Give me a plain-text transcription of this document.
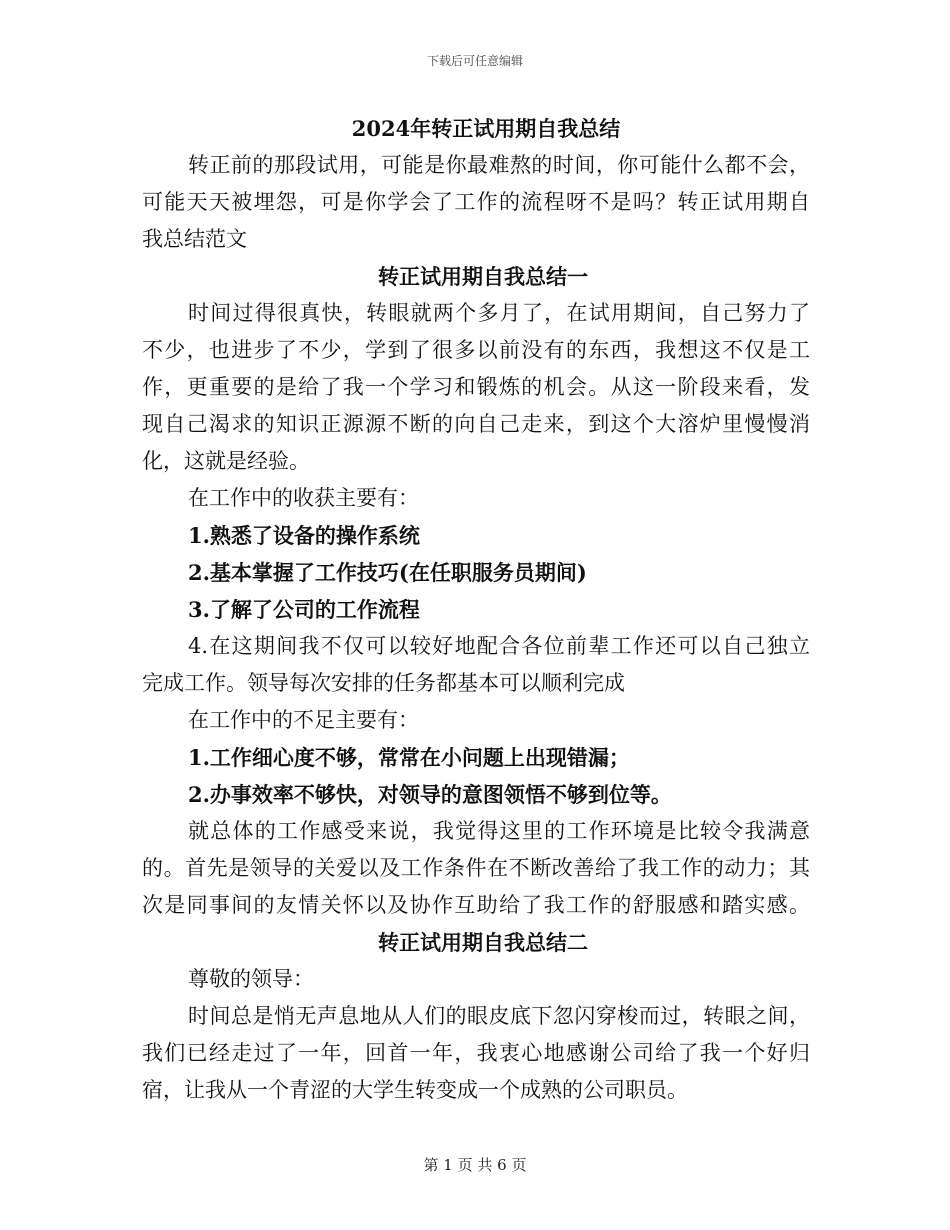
下载后可任意编辑
2024年转正试用期自我总结
转正前的那段试用，可能是你最难熬的时间，你可能什么都不会，
可能天天被埋怨，可是你学会了工作的流程呀不是吗？转正试用期自
我总结范文
转正试用期自我总结一
时间过得很真快，转眼就两个多月了，在试用期间，自己努力了
不少，也进步了不少，学到了很多以前没有的东西，我想这不仅是工
作，更重要的是给了我一个学习和锻炼的机会。从这一阶段来看，发
现自己渴求的知识正源源不断的向自己走来，到这个大溶炉里慢慢消
化，这就是经验。
在工作中的收获主要有：
1.熟悉了设备的操作系统
2.基本掌握了工作技巧(在任职服务员期间)
3.了解了公司的工作流程
4.在这期间我不仅可以较好地配合各位前辈工作还可以自己独立
完成工作。领导每次安排的任务都基本可以顺利完成
在工作中的不足主要有：
1.工作细心度不够，常常在小问题上出现错漏；
2.办事效率不够快，对领导的意图领悟不够到位等。
就总体的工作感受来说，我觉得这里的工作环境是比较令我满意
的。首先是领导的关爱以及工作条件在不断改善给了我工作的动力；其
次是同事间的友情关怀以及协作互助给了我工作的舒服感和踏实感。
转正试用期自我总结二
尊敬的领导：
时间总是悄无声息地从人们的眼皮底下忽闪穿梭而过，转眼之间，
我们已经走过了一年，回首一年，我衷心地感谢公司给了我一个好归
宿，让我从一个青涩的大学生转变成一个成熟的公司职员。
第 1 页 共 6 页
